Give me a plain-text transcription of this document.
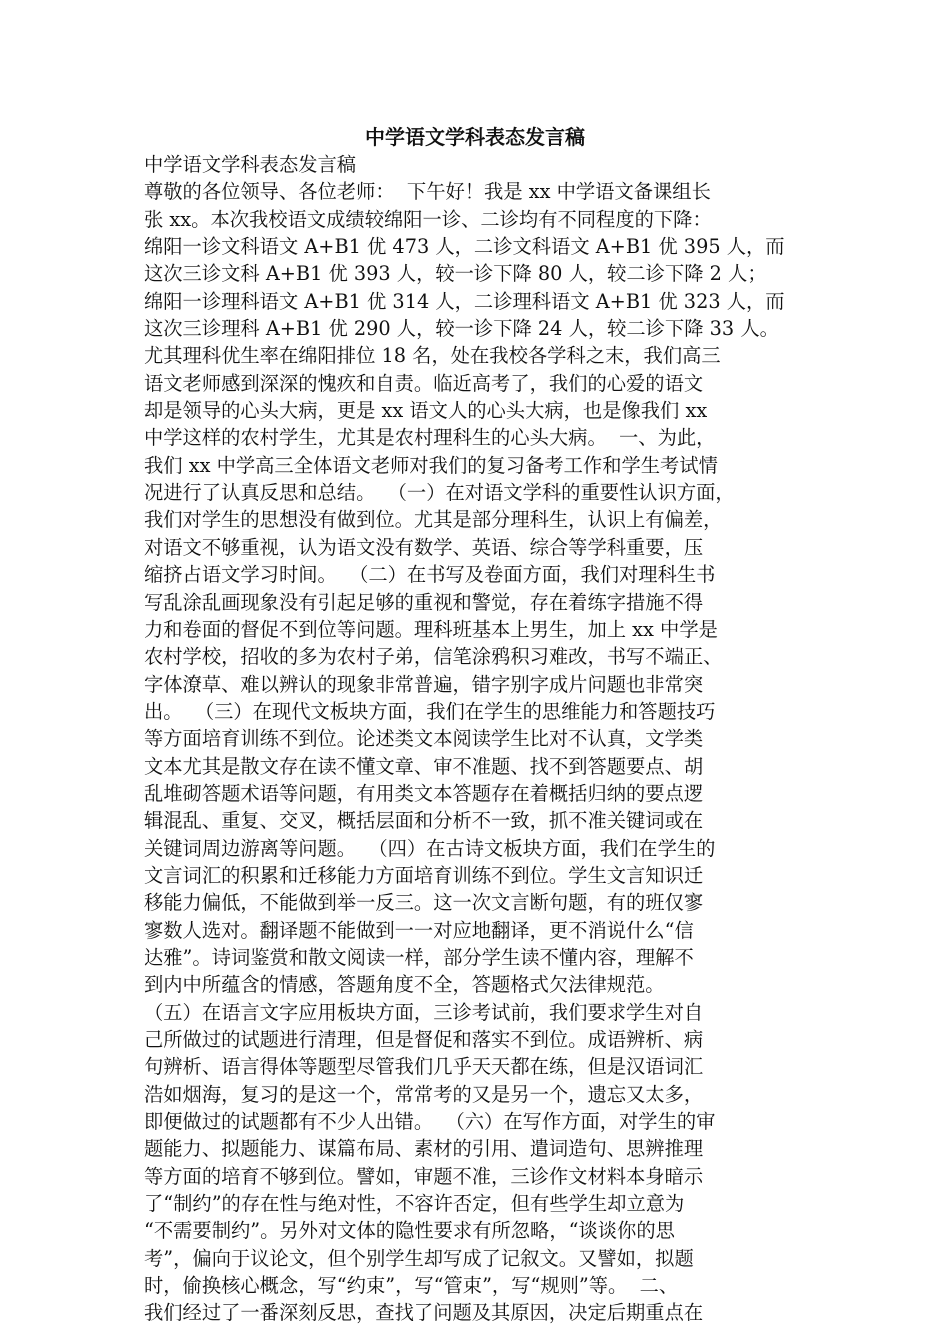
中学语文学科表态发言稿
中学语文学科表态发言稿
尊敬的各位领导、各位老师：  下午好！我是 xx 中学语文备课组长
张 xx。本次我校语文成绩较绵阳一诊、二诊均有不同程度的下降：
绵阳一诊文科语文 A+B1 优 473 人，二诊文科语文 A+B1 优 395 人，而
这次三诊文科 A+B1 优 393 人，较一诊下降 80 人，较二诊下降 2 人；
绵阳一诊理科语文 A+B1 优 314 人，二诊理科语文 A+B1 优 323 人，而
这次三诊理科 A+B1 优 290 人，较一诊下降 24 人，较二诊下降 33 人。
尤其理科优生率在绵阳排位 18 名，处在我校各学科之末，我们高三
语文老师感到深深的愧疚和自责。临近高考了，我们的心爱的语文
却是领导的心头大病，更是 xx 语文人的心头大病，也是像我们 xx
中学这样的农村学生，尤其是农村理科生的心头大病。  一、为此，
我们 xx 中学高三全体语文老师对我们的复习备考工作和学生考试情
况进行了认真反思和总结。  （一）在对语文学科的重要性认识方面，
我们对学生的思想没有做到位。尤其是部分理科生，认识上有偏差，
对语文不够重视，认为语文没有数学、英语、综合等学科重要，压
缩挤占语文学习时间。  （二）在书写及卷面方面，我们对理科生书
写乱涂乱画现象没有引起足够的重视和警觉，存在着练字措施不得
力和卷面的督促不到位等问题。理科班基本上男生，加上 xx 中学是
农村学校，招收的多为农村子弟，信笔涂鸦积习难改，书写不端正、
字体潦草、难以辨认的现象非常普遍，错字别字成片问题也非常突
出。  （三）在现代文板块方面，我们在学生的思维能力和答题技巧
等方面培育训练不到位。论述类文本阅读学生比对不认真，文学类
文本尤其是散文存在读不懂文章、审不准题、找不到答题要点、胡
乱堆砌答题术语等问题，有用类文本答题存在着概括归纳的要点逻
辑混乱、重复、交叉，概括层面和分析不一致，抓不准关键词或在
关键词周边游离等问题。  （四）在古诗文板块方面，我们在学生的
文言词汇的积累和迁移能力方面培育训练不到位。学生文言知识迁
移能力偏低，不能做到举一反三。这一次文言断句题，有的班仅寥
寥数人选对。翻译题不能做到一一对应地翻译，更不消说什么“信
达雅”。诗词鉴赏和散文阅读一样，部分学生读不懂内容，理解不
到内中所蕴含的情感，答题角度不全，答题格式欠法律规范。
（五）在语言文字应用板块方面，三诊考试前，我们要求学生对自
己所做过的试题进行清理，但是督促和落实不到位。成语辨析、病
句辨析、语言得体等题型尽管我们几乎天天都在练，但是汉语词汇
浩如烟海，复习的是这一个，常常考的又是另一个，遗忘又太多，
即便做过的试题都有不少人出错。  （六）在写作方面，对学生的审
题能力、拟题能力、谋篇布局、素材的引用、遣词造句、思辨推理
等方面的培育不够到位。譬如，审题不准，三诊作文材料本身暗示
了“制约”的存在性与绝对性，不容许否定，但有些学生却立意为
“不需要制约”。另外对文体的隐性要求有所忽略，“谈谈你的思
考”，偏向于议论文，但个别学生却写成了记叙文。又譬如，拟题
时，偷换核心概念，写“约束”，写“管束”，写“规则”等。  二、
我们经过了一番深刻反思，查找了问题及其原因，决定后期重点在
